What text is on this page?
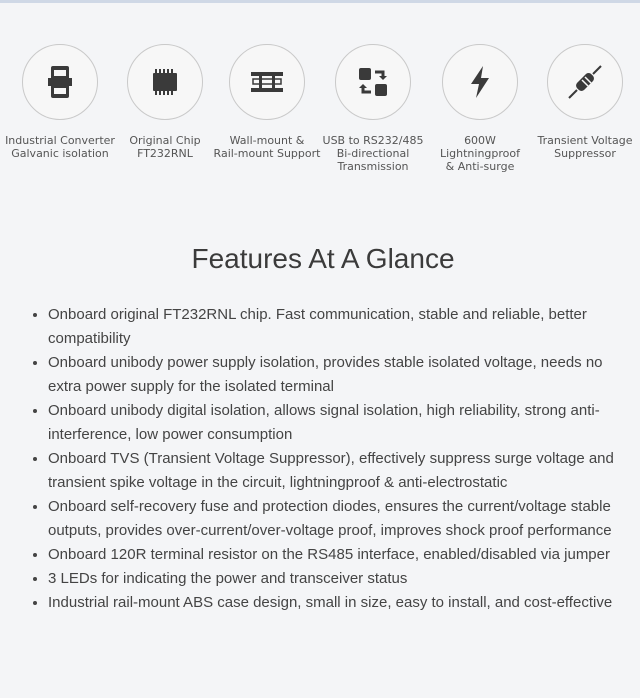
Industrial Converter
Galvanic isolation
Original Chip
FT232RNL
Wall-mount &
Rail-mount Support
USB to RS232/485
Bi-directional
Transmission
600W
Lightningproof
& Anti-surge
Transient Voltage
Suppressor
Features At A Glance
• Onboard original FT232RNL chip. Fast communication, stable and reliable, better compatibility
• Onboard unibody power supply isolation, provides stable isolated voltage, needs no extra power supply for the isolated terminal
• Onboard unibody digital isolation, allows signal isolation, high reliability, strong anti-interference, low power consumption
• Onboard TVS (Transient Voltage Suppressor), effectively suppress surge voltage and transient spike voltage in the circuit, lightningproof & anti-electrostatic
• Onboard self-recovery fuse and protection diodes, ensures the current/voltage stable outputs, provides over-current/over-voltage proof, improves shock proof performance
• Onboard 120R terminal resistor on the RS485 interface, enabled/disabled via jumper
• 3 LEDs for indicating the power and transceiver status
• Industrial rail-mount ABS case design, small in size, easy to install, and cost-effective
